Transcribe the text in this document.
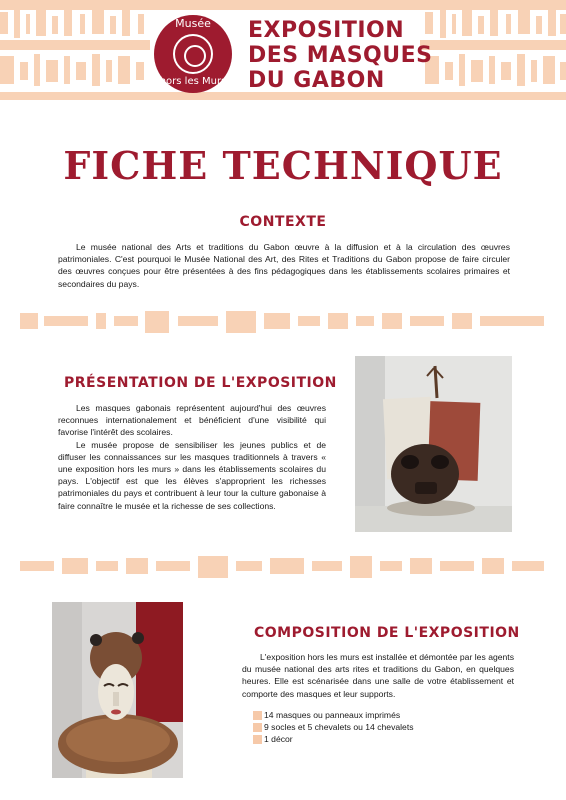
Musée
hors les Murs
EXPOSITION
DES MASQUES
DU GABON
FICHE TECHNIQUE
CONTEXTE

Le musée national des Arts et traditions du Gabon œuvre à la diffusion et à la circulation des œuvres patrimoniales. C'est pourquoi le Musée National des Art, des Rites et Traditions du Gabon propose de faire circuler des œuvres conçues pour être présentées à des fins pédagogiques dans les établissements scolaires primaires et secondaires du pays.

PRÉSENTATION DE L'EXPOSITION

Les masques gabonais représentent aujourd'hui des œuvres reconnues internationalement et bénéficient d'une visibilité qui favorise l'intérêt des scolaires.

Le musée propose de sensibiliser les jeunes publics et de diffuser les connaissances sur les masques traditionnels à travers « une exposition hors les murs » dans les établissements scolaires du pays. L'objectif est que les élèves s'approprient les richesses patrimoniales du pays et contribuent à leur tour la culture gabonaise à faire connaître le musée et la richesse de ses collections.

COMPOSITION DE L'EXPOSITION

L'exposition hors les murs est installée et démontée par les agents du musée national des arts rites et traditions du Gabon, en quelques heures. Elle est scénarisée dans une salle de votre établissement et comporte des masques et leur supports.

14 masques ou panneaux imprimés
9 socles et 5 chevalets ou 14 chevalets
1 décor
